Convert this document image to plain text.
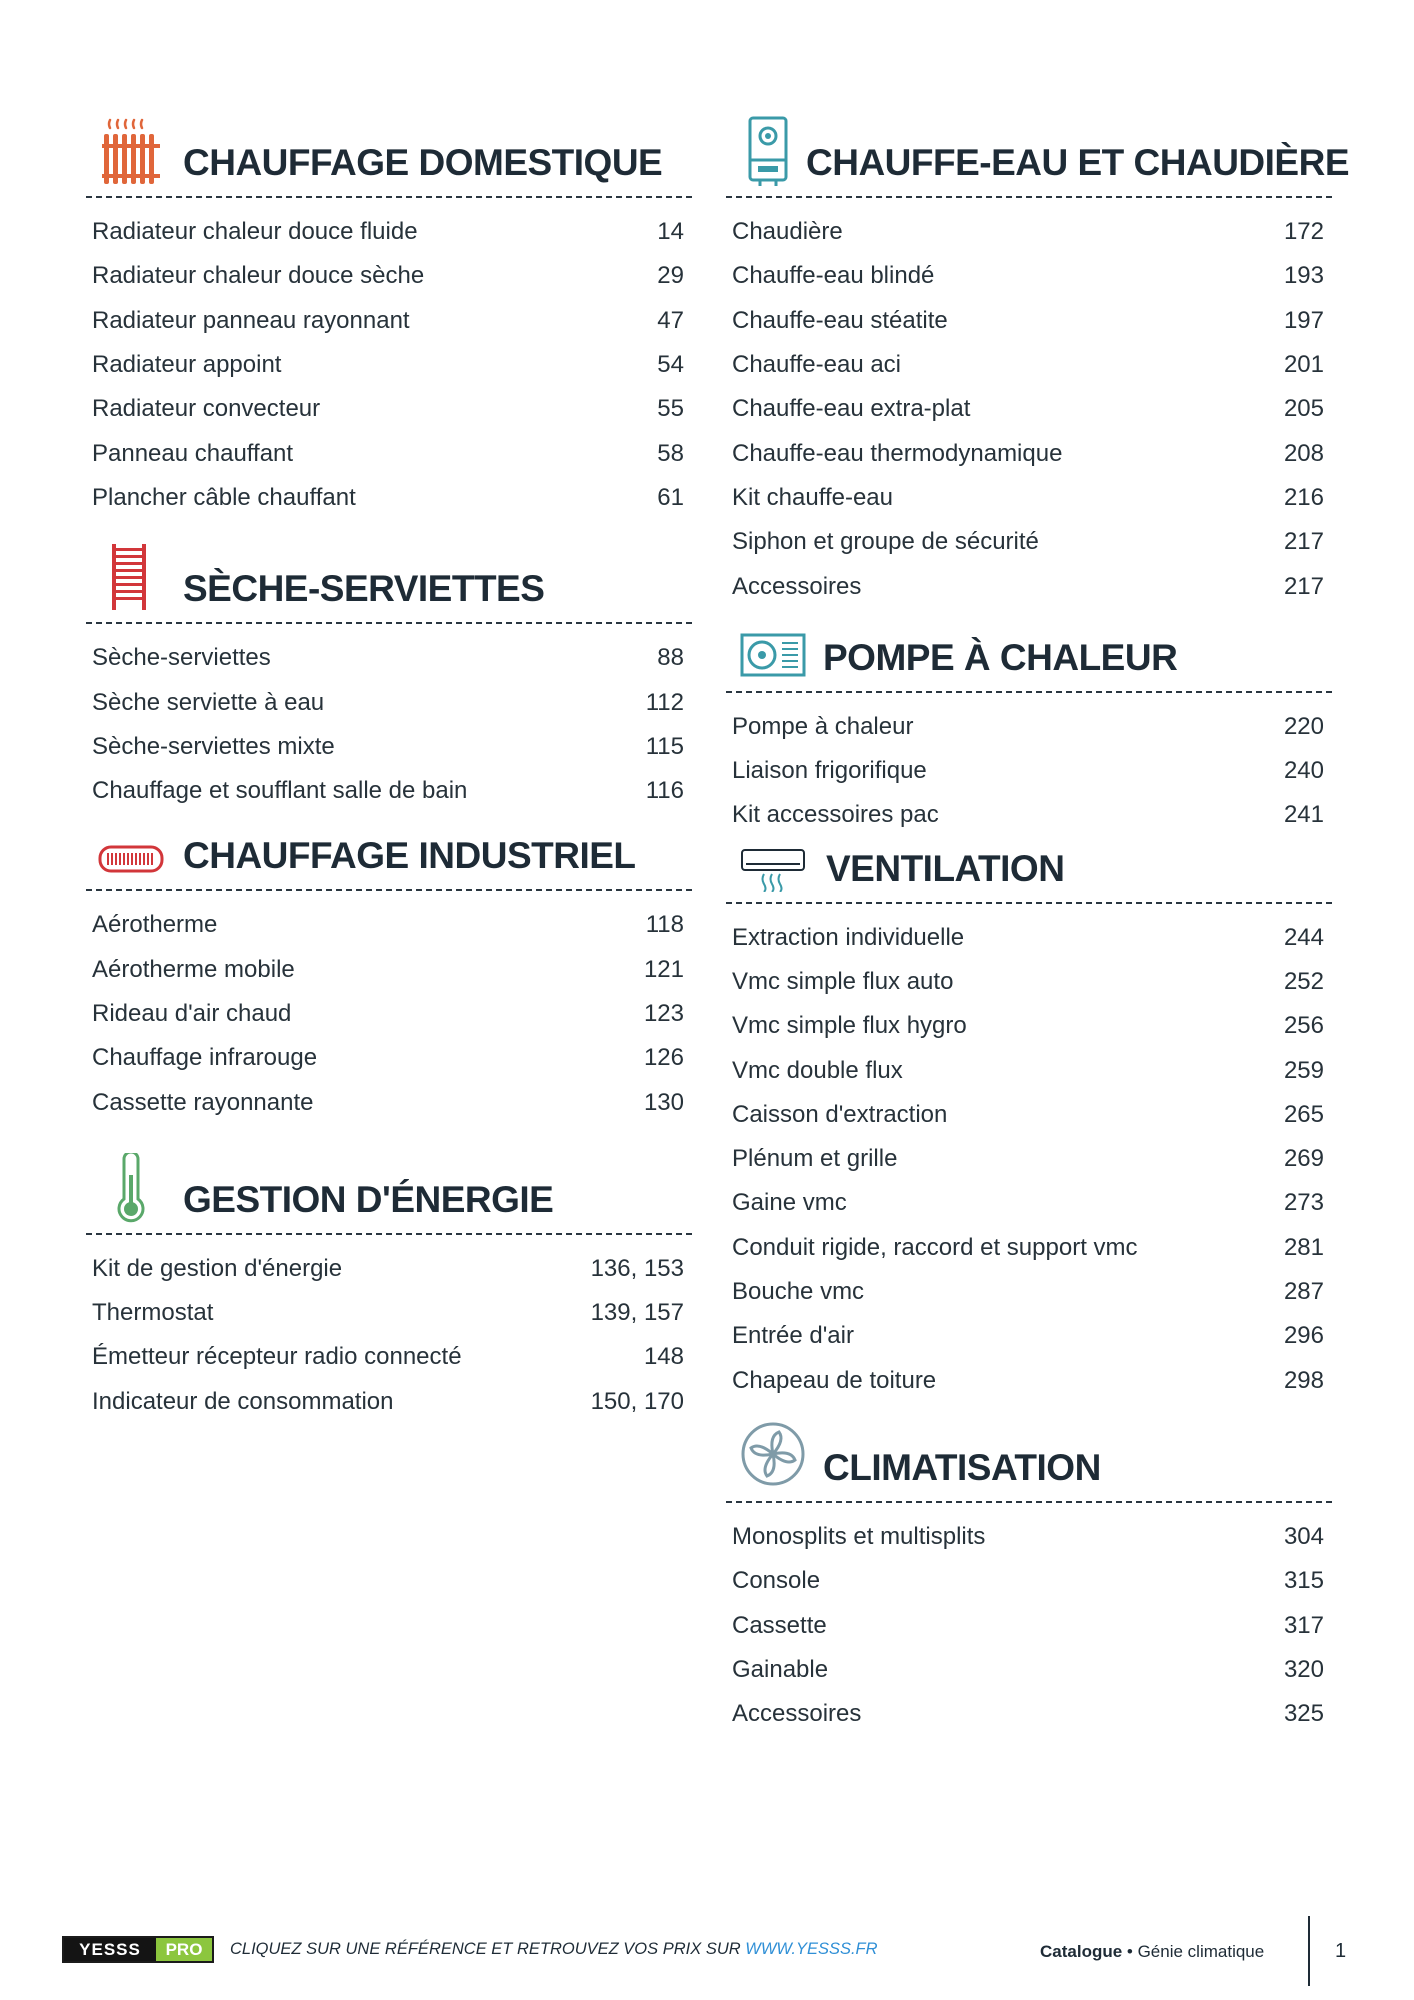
CHAUFFAGE DOMESTIQUE
Radiateur chaleur douce fluide	14
Radiateur chaleur douce sèche	29
Radiateur panneau rayonnant	47
Radiateur appoint	54
Radiateur convecteur	55
Panneau chauffant	58
Plancher câble chauffant	61
SÈCHE-SERVIETTES
Sèche-serviettes	88
Sèche serviette à eau	112
Sèche-serviettes mixte	115
Chauffage et soufflant salle de bain	116
CHAUFFAGE INDUSTRIEL
Aérotherme	118
Aérotherme mobile	121
Rideau d'air chaud	123
Chauffage infrarouge	126
Cassette rayonnante	130
GESTION D'ÉNERGIE
Kit de gestion d'énergie	136, 153
Thermostat	139, 157
Émetteur récepteur radio connecté	148
Indicateur de consommation	150, 170
CHAUFFE-EAU ET CHAUDIÈRE
Chaudière	172
Chauffe-eau blindé	193
Chauffe-eau stéatite	197
Chauffe-eau aci	201
Chauffe-eau extra-plat	205
Chauffe-eau thermodynamique	208
Kit chauffe-eau	216
Siphon et groupe de sécurité	217
Accessoires	217
POMPE À CHALEUR
Pompe à chaleur	220
Liaison frigorifique	240
Kit accessoires pac	241
VENTILATION
Extraction individuelle	244
Vmc simple flux auto	252
Vmc simple flux hygro	256
Vmc double flux	259
Caisson d'extraction	265
Plénum et grille	269
Gaine vmc	273
Conduit rigide, raccord et support vmc	281
Bouche vmc	287
Entrée d'air	296
Chapeau de toiture	298
CLIMATISATION
Monosplits et multisplits	304
Console	315
Cassette	317
Gainable	320
Accessoires	325
YESSS	PRO	CLIQUEZ SUR UNE RÉFÉRENCE ET RETROUVEZ VOS PRIX SUR WWW.YESSS.FR	Catalogue • Génie climatique	1
